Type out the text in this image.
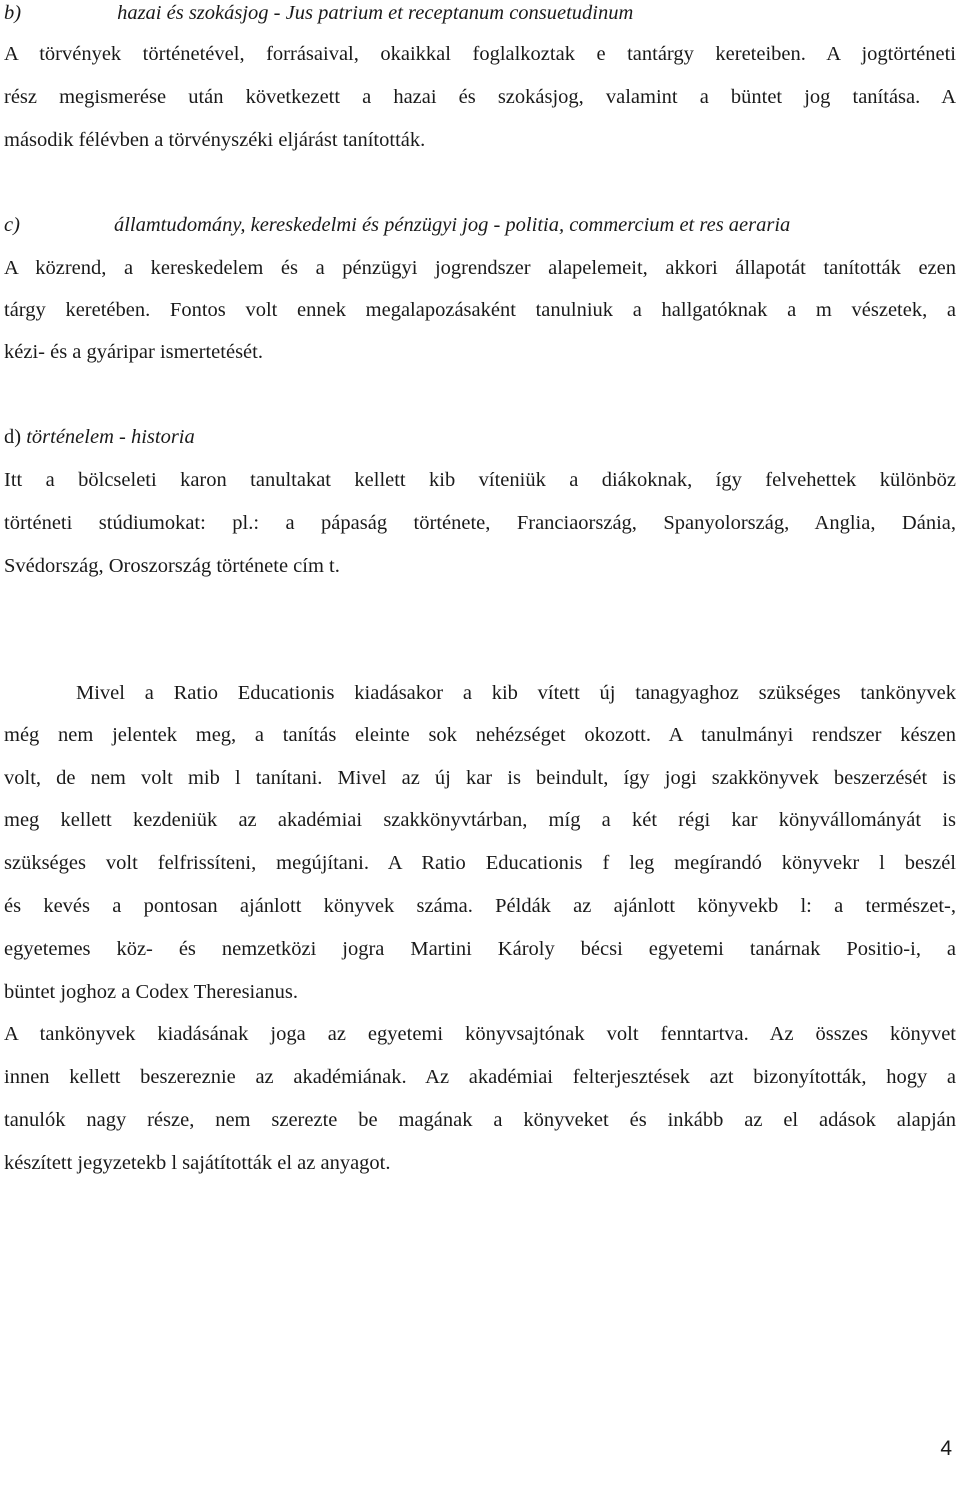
b)	hazai és szokásjog - Jus patrium et receptanum consuetudinum
A törvények történetével, forrásaival, okaikkal foglalkoztak e tantárgy kereteiben. A jogtörténeti
rész megismerése után következett a hazai és szokásjog, valamint a büntet jog tanítása. A
második félévben a törvényszéki eljárást tanították.
c)	államtudomány, kereskedelmi és pénzügyi jog - politia, commercium et res aeraria
A közrend, a kereskedelem és a pénzügyi jogrendszer alapelemeit, akkori állapotát tanították ezen
tárgy keretében. Fontos volt ennek megalapozásaként tanulniuk a hallgatóknak a m vészetek, a
kézi- és a gyáripar ismertetését.
d) történelem - historia
Itt a bölcseleti karon tanultakat kellett kib víteniük a diákoknak, így felvehettek különböz
történeti stúdiumokat: pl.: a pápaság története, Franciaország, Spanyolország, Anglia, Dánia,
Svédország, Oroszország története cím t.
Mivel a Ratio Educationis kiadásakor a kib vített új tanagyaghoz szükséges tankönyvek
még nem jelentek meg, a tanítás eleinte sok nehézséget okozott. A tanulmányi rendszer készen
volt, de nem volt mib l tanítani. Mivel az új kar is beindult, így jogi szakkönyvek beszerzését is
meg kellett kezdeniük az akadémiai szakkönyvtárban, míg a két régi kar könyvállományát is
szükséges volt felfrissíteni, megújítani. A Ratio Educationis f leg megírandó könyvekr l beszél
és kevés a pontosan ajánlott könyvek száma. Példák az ajánlott könyvekb l: a természet-,
egyetemes köz- és nemzetközi jogra Martini Károly bécsi egyetemi tanárnak Positio-i, a
büntet joghoz a Codex Theresianus.
A tankönyvek kiadásának joga az egyetemi könyvsajtónak volt fenntartva. Az összes könyvet
innen kellett beszereznie az akadémiának. Az akadémiai felterjesztések azt bizonyították, hogy a
tanulók nagy része, nem szerezte be magának a könyveket és inkább az el adások alapján
készített jegyzetekb l sajátították el az anyagot.
4
